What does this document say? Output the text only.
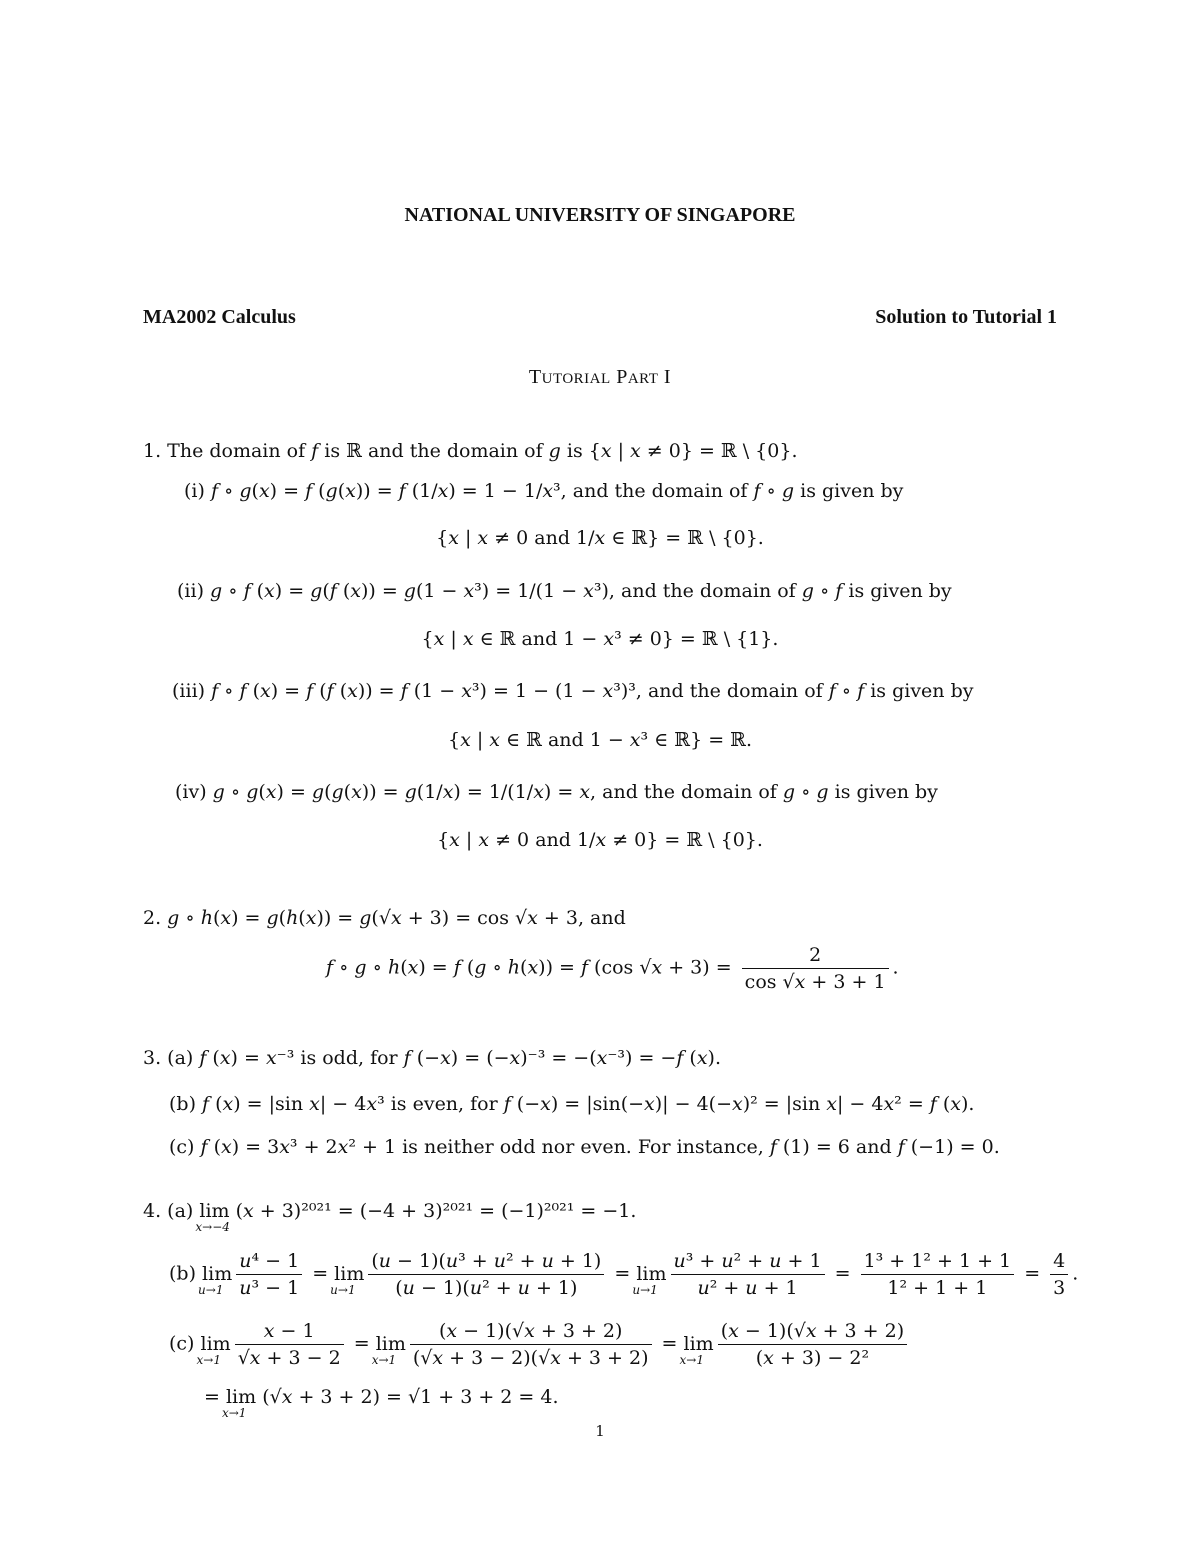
NATIONAL UNIVERSITY OF SINGAPORE
MA2002 Calculus	Solution to Tutorial 1
TUTORIAL PART I
1. The domain of 𝑓 is ℝ and the domain of 𝑔 is {𝑥 | 𝑥 ≠ 0} = ℝ \ {0}.
(i) 𝑓 ∘ 𝑔(𝑥) = 𝑓 (𝑔(𝑥)) = 𝑓 (1/𝑥) = 1 − 1/𝑥³, and the domain of 𝑓 ∘ 𝑔 is given by
{𝑥 | 𝑥 ≠ 0 and 1/𝑥 ∈ ℝ} = ℝ \ {0}.
(ii) 𝑔 ∘ 𝑓 (𝑥) = 𝑔(𝑓 (𝑥)) = 𝑔(1 − 𝑥³) = 1/(1 − 𝑥³), and the domain of 𝑔 ∘ 𝑓 is given by
{𝑥 | 𝑥 ∈ ℝ and 1 − 𝑥³ ≠ 0} = ℝ \ {1}.
(iii) 𝑓 ∘ 𝑓 (𝑥) = 𝑓 (𝑓 (𝑥)) = 𝑓 (1 − 𝑥³) = 1 − (1 − 𝑥³)³, and the domain of 𝑓 ∘ 𝑓 is given by
{𝑥 | 𝑥 ∈ ℝ and 1 − 𝑥³ ∈ ℝ} = ℝ.
(iv) 𝑔 ∘ 𝑔(𝑥) = 𝑔(𝑔(𝑥)) = 𝑔(1/𝑥) = 1/(1/𝑥) = 𝑥, and the domain of 𝑔 ∘ 𝑔 is given by
{𝑥 | 𝑥 ≠ 0 and 1/𝑥 ≠ 0} = ℝ \ {0}.
2. 𝑔 ∘ ℎ(𝑥) = 𝑔(ℎ(𝑥)) = 𝑔(√𝑥 + 3) = cos √𝑥 + 3, and
𝑓 ∘ 𝑔 ∘ ℎ(𝑥) = 𝑓 (𝑔 ∘ ℎ(𝑥)) = 𝑓 (cos √𝑥 + $3) = \frac{2}{\text{cos √𝑥 + 3 + 1}}$ .
3. (a) 𝑓 (𝑥) = 𝑥⁻³ is odd, for 𝑓 (−𝑥) = (−𝑥)⁻³ = −(𝑥⁻³) = −𝑓 (𝑥).
(b) 𝑓 (𝑥) = |sin 𝑥| − 4𝑥³ is even, for 𝑓 (−𝑥) = |sin(−𝑥)| − 4(−𝑥)² = |sin 𝑥| − 4𝑥² = 𝑓 (𝑥).
(c) 𝑓 (𝑥) = 3𝑥³ + 2𝑥² + 1 is neither odd nor even. For instance, 𝑓 (1) = 6 and 𝑓 (−1) = 0.
4. (a) lim
𝑥→−4
(𝑥 + 3)²⁰²¹ = (−4 + 3)²⁰²¹ = (−1)²⁰²¹ = −1.
(b) lim
𝑢→1 $\frac{\text{𝑢⁴ − 1}}{\text{𝑢³ − 1}} = \lim$
𝑢→1 $\frac{\text{(𝑢 − 1)(𝑢³ + 𝑢² + 𝑢 + 1)}}{\text{(𝑢 − 1)(𝑢² + 𝑢 + 1)}} = \lim$
𝑢→1 $\frac{\text{𝑢³ + 𝑢² + 𝑢 + 1}}{\text{𝑢² + 𝑢 + 1}} = \frac{\text{1³ + 1² + 1 + 1}}{\text{1² + 1 + 1}} = \frac{4}{3}$ .
(c) lim
𝑥→1 $\frac{\text{𝑥 − 1}}{\text{√𝑥 + 3 − 2}} = \lim$
𝑥→1 $\frac{\text{(𝑥 − 1)(√𝑥 + 3 + 2)}}{\text{(√𝑥 + 3 − 2)(√𝑥 + 3 + 2)}} = \lim$
𝑥→1 $\frac{\text{(𝑥 − 1)(√𝑥 + 3 + 2)}}{\text{(𝑥 + 3) − 2²}}$
= lim
𝑥→1
(√𝑥 + 3 + 2) = √1 + 3 + 2 = 4.
1
